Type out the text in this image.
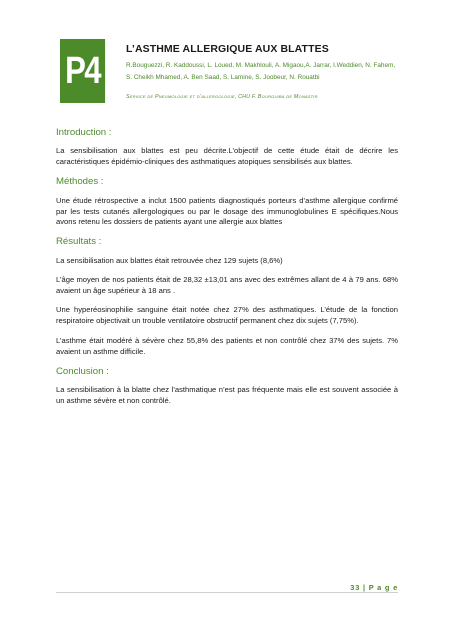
P4
L’ASTHME ALLERGIQUE AUX BLATTES
R.Bouguezzi, R. Kaddoussi, L. Loued, M. Makhlouli, A. Migaou,A. Jarrar, I.Weddien, N. Fahem, S. Cheikh Mhamed, A. Ben Saad, S. Lamine, S. Joobeur, N. Rouatbi
Service de Pneumologie et d’allergologie, CHU F. Bourguiba de Monastir
Introduction :
La sensibilisation aux blattes est peu décrite.L’objectif de cette étude était de décrire les caractéristiques épidémio-cliniques des asthmatiques atopiques sensibilisés aux blattes.
Méthodes :
Une étude rétrospective a inclut 1500 patients diagnostiqués porteurs d’asthme allergique confirmé par les tests cutanés allergologiques ou par le dosage des immunoglobulines E spécifiques.Nous avons retenu les dossiers de patients ayant une allergie aux blattes
Résultats :
La sensibilisation aux blattes était retrouvée chez 129 sujets (8,6%)
L’âge moyen de nos patients était de 28,32 ±13,01 ans avec des extrêmes allant de 4 à 79 ans. 68% avaient un âge supérieur à 18 ans .
Une hyperéosinophilie sanguine était notée chez 27% des asthmatiques. L’étude de la fonction respiratoire objectivait un trouble ventilatoire obstructif permanent chez dix sujets (7,75%).
L’asthme était modéré à sévère chez 55,8% des patients et non contrôlé chez 37% des sujets. 7% avaient un asthme difficile.
Conclusion :
La sensibilisation à la blatte chez l’asthmatique n’est pas fréquente mais elle est souvent associée à un asthme sévère et non contrôlé.
33 | P a g e
